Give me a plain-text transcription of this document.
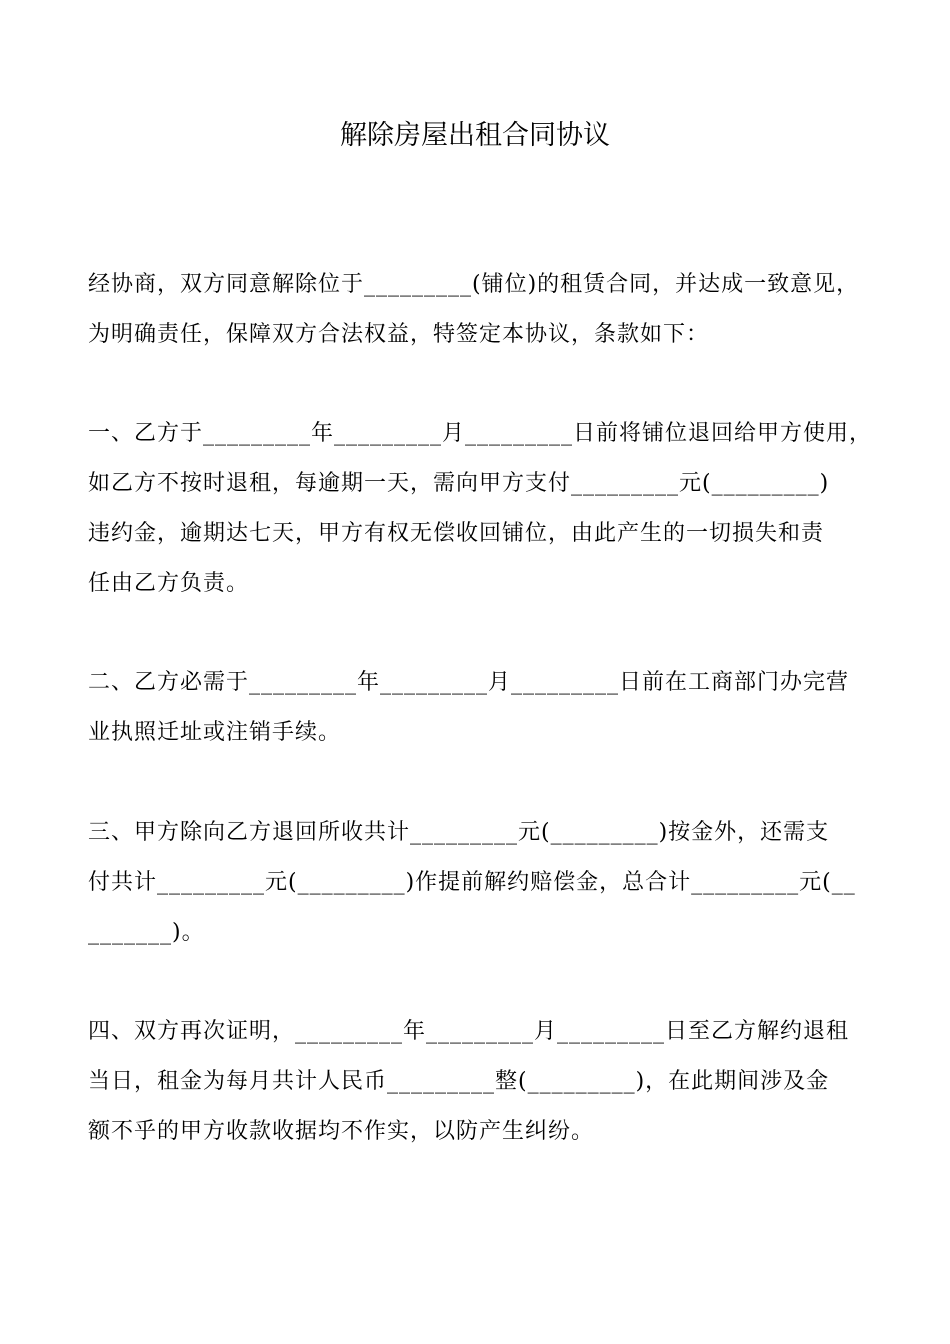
解除房屋出租合同协议
经协商，双方同意解除位于_________(铺位)的租赁合同，并达成一致意见，
为明确责任，保障双方合法权益，特签定本协议，条款如下：
一、乙方于_________年_________月_________日前将铺位退回给甲方使用，
如乙方不按时退租，每逾期一天，需向甲方支付_________元(_________)
违约金，逾期达七天，甲方有权无偿收回铺位，由此产生的一切损失和责
任由乙方负责。
二、乙方必需于_________年_________月_________日前在工商部门办完营
业执照迁址或注销手续。
三、甲方除向乙方退回所收共计_________元(_________)按金外，还需支
付共计_________元(_________)作提前解约赔偿金，总合计_________元(__
_______)。
四、双方再次证明，_________年_________月_________日至乙方解约退租
当日，租金为每月共计人民币_________整(_________)，在此期间涉及金
额不乎的甲方收款收据均不作实，以防产生纠纷。
